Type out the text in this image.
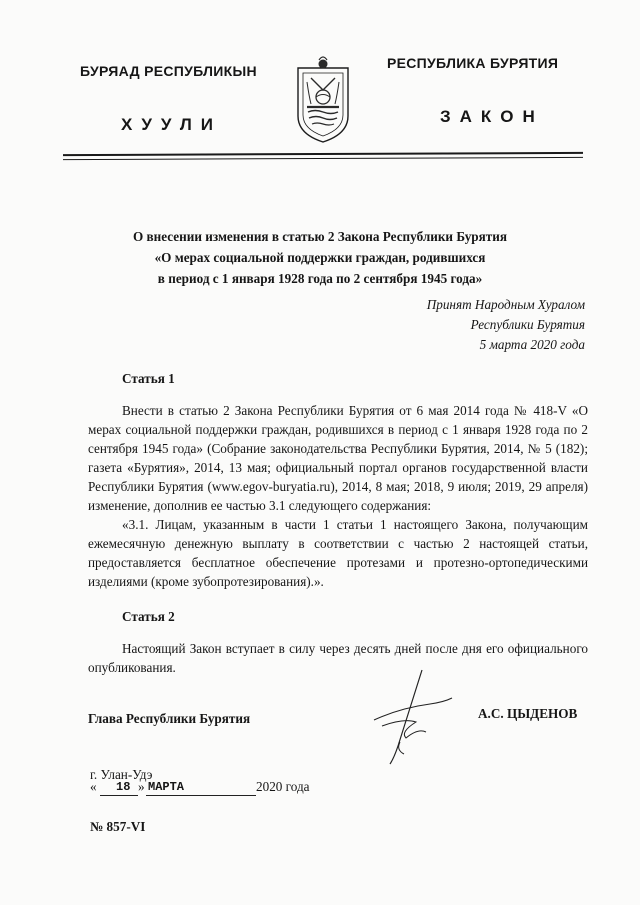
БУРЯАД РЕСПУБЛИКЫН
ХУУЛИ
РЕСПУБЛИКА БУРЯТИЯ
ЗАКОН
О внесении изменения в статью 2 Закона Республики Бурятия
«О мерах социальной поддержки граждан, родившихся
в период с 1 января 1928 года по 2 сентября 1945 года»
Принят Народным Хуралом
Республики Бурятия
5 марта 2020 года
Статья 1

Внести в статью 2 Закона Республики Бурятия от 6 мая 2014 года № 418-V «О мерах социальной поддержки граждан, родившихся в период с 1 января 1928 года по 2 сентября 1945 года» (Собрание законодательства Республики Бурятия, 2014, № 5 (182); газета «Бурятия», 2014, 13 мая; официальный портал органов государственной власти Республики Бурятия (www.egov-buryatia.ru), 2014, 8 мая; 2018, 9 июля; 2019, 29 апреля) изменение, дополнив ее частью 3.1 следующего содержания:

«3.1. Лицам, указанным в части 1 статьи 1 настоящего Закона, получающим ежемесячную денежную выплату в соответствии с частью 2 настоящей статьи, предоставляется бесплатное обеспечение протезами и протезно-ортопедическими изделиями (кроме зубопротезирования).».

Статья 2

Настоящий Закон вступает в силу через десять дней после дня его официального опубликования.

Глава Республики Бурятия	А.С. ЦЫДЕНОВ
г. Улан-Удэ
« 18 » МАРТА	2020 года
№ 857-VI
